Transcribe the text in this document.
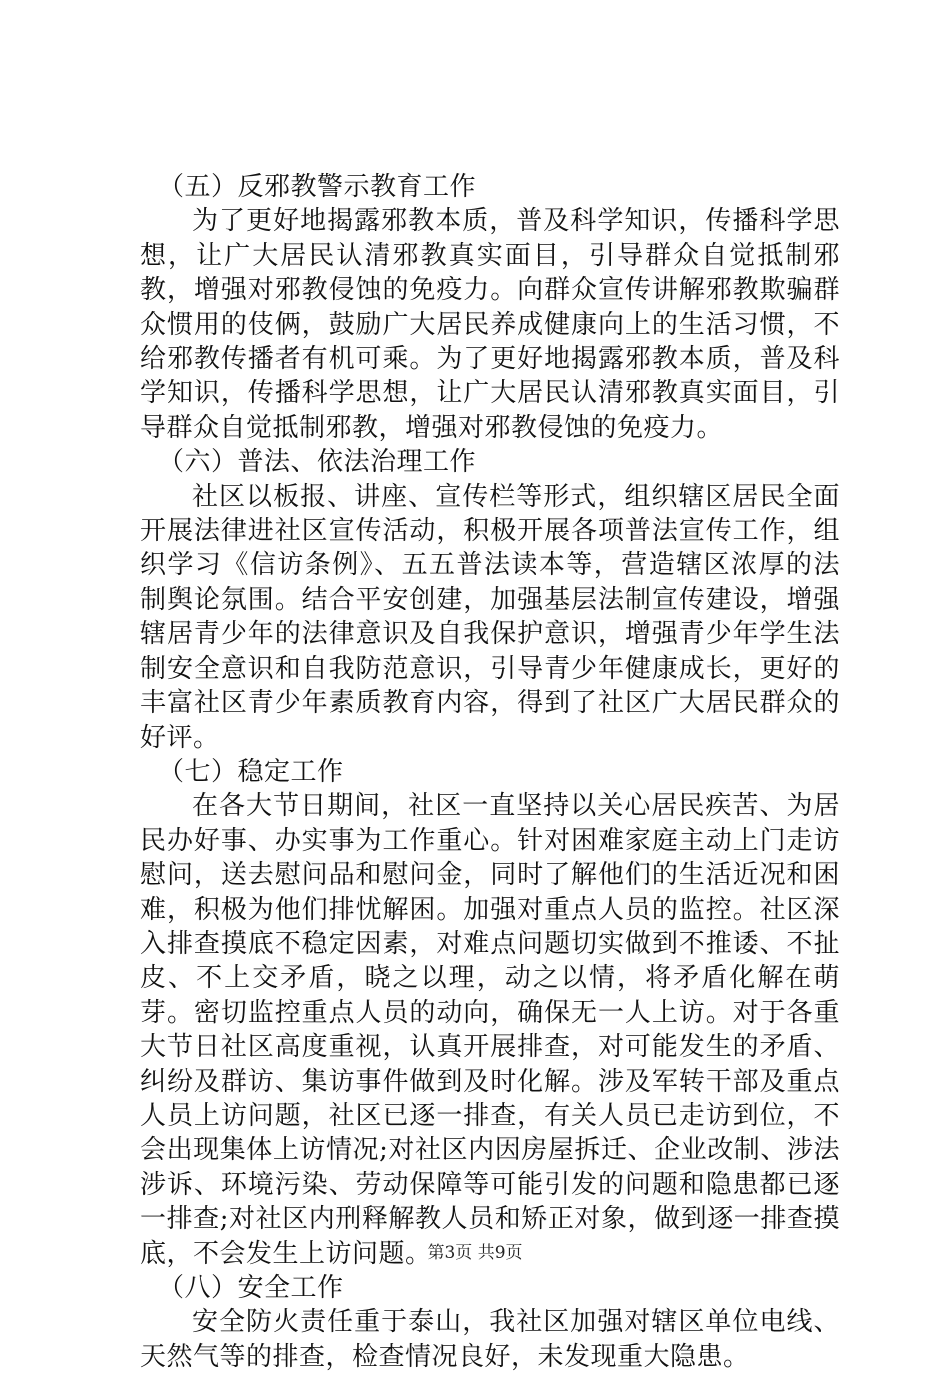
（五）反邪教警示教育工作
为了更好地揭露邪教本质，普及科学知识，传播科学思想，让广大居民认清邪教真实面目，引导群众自觉抵制邪教，增强对邪教侵蚀的免疫力。向群众宣传讲解邪教欺骗群众惯用的伎俩，鼓励广大居民养成健康向上的生活习惯，不给邪教传播者有机可乘。为了更好地揭露邪教本质，普及科学知识，传播科学思想，让广大居民认清邪教真实面目，引导群众自觉抵制邪教，增强对邪教侵蚀的免疫力。
（六）普法、依法治理工作
社区以板报、讲座、宣传栏等形式，组织辖区居民全面开展法律进社区宣传活动，积极开展各项普法宣传工作，组织学习《信访条例》、五五普法读本等，营造辖区浓厚的法制舆论氛围。结合平安创建，加强基层法制宣传建设，增强辖居青少年的法律意识及自我保护意识，增强青少年学生法制安全意识和自我防范意识，引导青少年健康成长，更好的丰富社区青少年素质教育内容，得到了社区广大居民群众的好评。
（七）稳定工作
在各大节日期间，社区一直坚持以关心居民疾苦、为居民办好事、办实事为工作重心。针对困难家庭主动上门走访慰问，送去慰问品和慰问金，同时了解他们的生活近况和困难，积极为他们排忧解困。加强对重点人员的监控。社区深入排查摸底不稳定因素，对难点问题切实做到不推诿、不扯皮、不上交矛盾，晓之以理，动之以情，将矛盾化解在萌芽。密切监控重点人员的动向，确保无一人上访。对于各重大节日社区高度重视，认真开展排查，对可能发生的矛盾、纠纷及群访、集访事件做到及时化解。涉及军转干部及重点人员上访问题，社区已逐一排查，有关人员已走访到位，不会出现集体上访情况;对社区内因房屋拆迁、企业改制、涉法涉诉、环境污染、劳动保障等可能引发的问题和隐患都已逐一排查;对社区内刑释解教人员和矫正对象，做到逐一排查摸底，不会发生上访问题。
（八）安全工作
安全防火责任重于泰山，我社区加强对辖区单位电线、天然气等的排查，检查情况良好，未发现重大隐患。
第3页 共9页
